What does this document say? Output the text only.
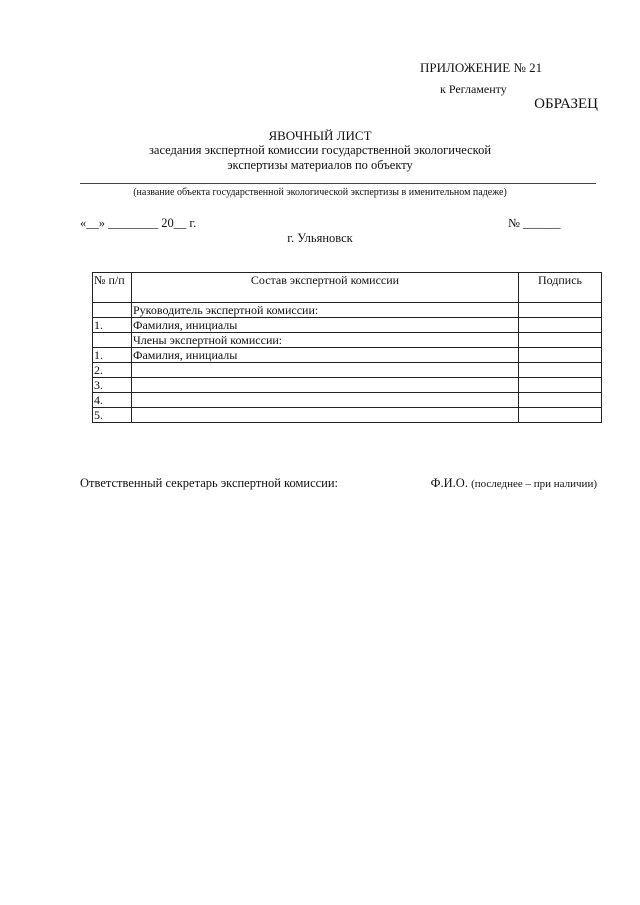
ПРИЛОЖЕНИЕ № 21
к Регламенту
ОБРАЗЕЦ
ЯВОЧНЫЙ ЛИСТ
заседания экспертной комиссии государственной экологической
экспертизы материалов по объекту
(название объекта государственной экологической экспертизы в именительном падеже)
«__» ________ 20__ г.	№ ______
г. Ульяновск
№ п/п	Состав экспертной комиссии	Подпись
	Руководитель экспертной комиссии:	
1.	Фамилия, инициалы	
	Члены экспертной комиссии:	
1.	Фамилия, инициалы	
2.		
3.		
4.		
5.		
Ответственный секретарь экспертной комиссии:	Ф.И.О. (последнее – при наличии)
